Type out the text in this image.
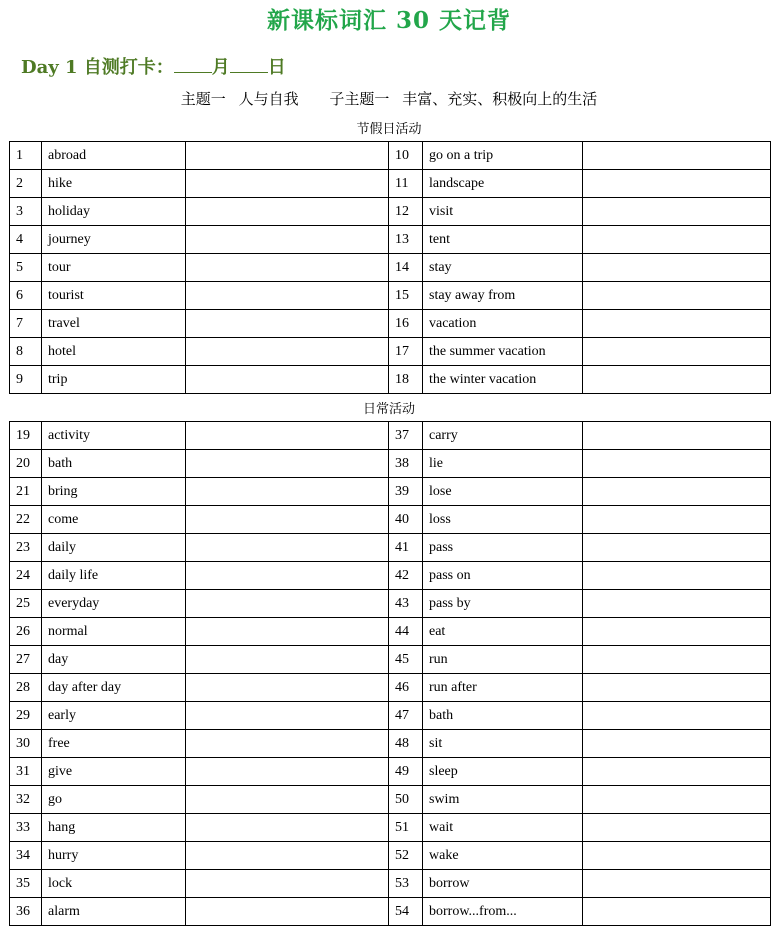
新课标词汇 30 天记背
Day 1 自测打卡： 月 日
主题一 人与自我 子主题一 丰富、充实、积极向上的生活
节假日活动
1	abroad		10	go on a trip	
2	hike		11	landscape	
3	holiday		12	visit	
4	journey		13	tent	
5	tour		14	stay	
6	tourist		15	stay away from	
7	travel		16	vacation	
8	hotel		17	the summer vacation	
9	trip		18	the winter vacation	
日常活动
19	activity		37	carry	
20	bath		38	lie	
21	bring		39	lose	
22	come		40	loss	
23	daily		41	pass	
24	daily life		42	pass on	
25	everyday		43	pass by	
26	normal		44	eat	
27	day		45	run	
28	day after day		46	run after	
29	early		47	bath	
30	free		48	sit	
31	give		49	sleep	
32	go		50	swim	
33	hang		51	wait	
34	hurry		52	wake	
35	lock		53	borrow	
36	alarm		54	borrow...from...	
